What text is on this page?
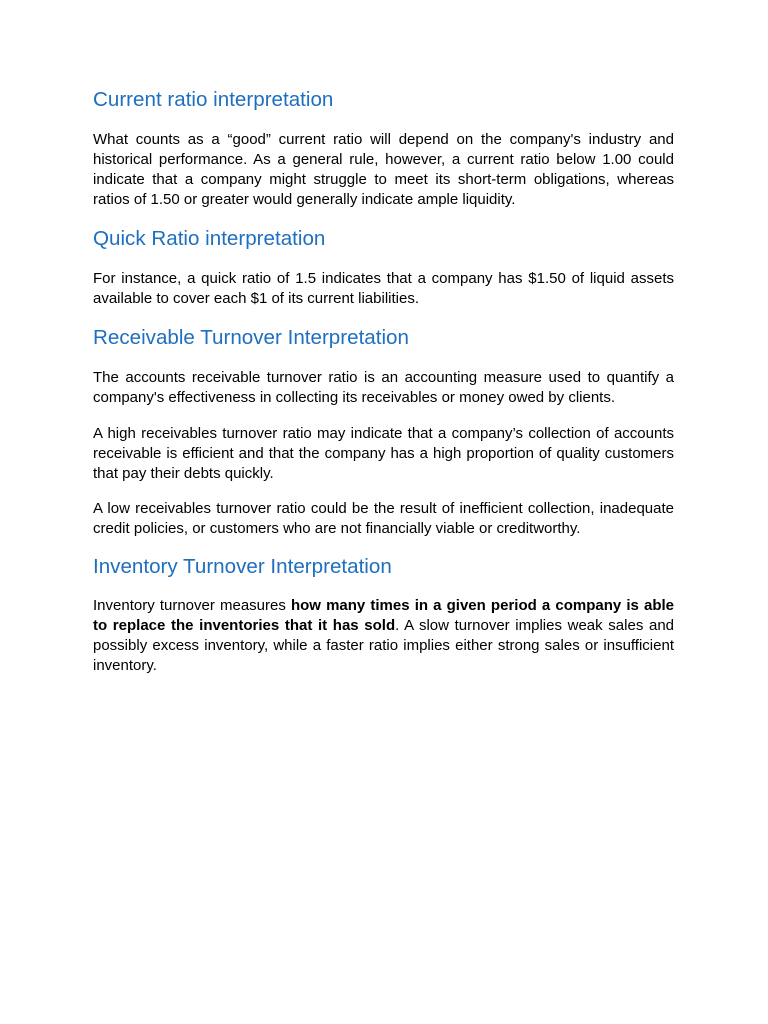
Current ratio interpretation

What counts as a “good” current ratio will depend on the company's industry and historical performance. As a general rule, however, a current ratio below 1.00 could indicate that a company might struggle to meet its short-term obligations, whereas ratios of 1.50 or greater would generally indicate ample liquidity.

Quick Ratio interpretation

For instance, a quick ratio of 1.5 indicates that a company has $1.50 of liquid assets available to cover each $1 of its current liabilities.

Receivable Turnover Interpretation

The accounts receivable turnover ratio is an accounting measure used to quantify a company's effectiveness in collecting its receivables or money owed by clients.

A high receivables turnover ratio may indicate that a company’s collection of accounts receivable is efficient and that the company has a high proportion of quality customers that pay their debts quickly.

A low receivables turnover ratio could be the result of inefficient collection, inadequate credit policies, or customers who are not financially viable or creditworthy.

Inventory Turnover Interpretation

Inventory turnover measures how many times in a given period a company is able to replace the inventories that it has sold. A slow turnover implies weak sales and possibly excess inventory, while a faster ratio implies either strong sales or insufficient inventory.
